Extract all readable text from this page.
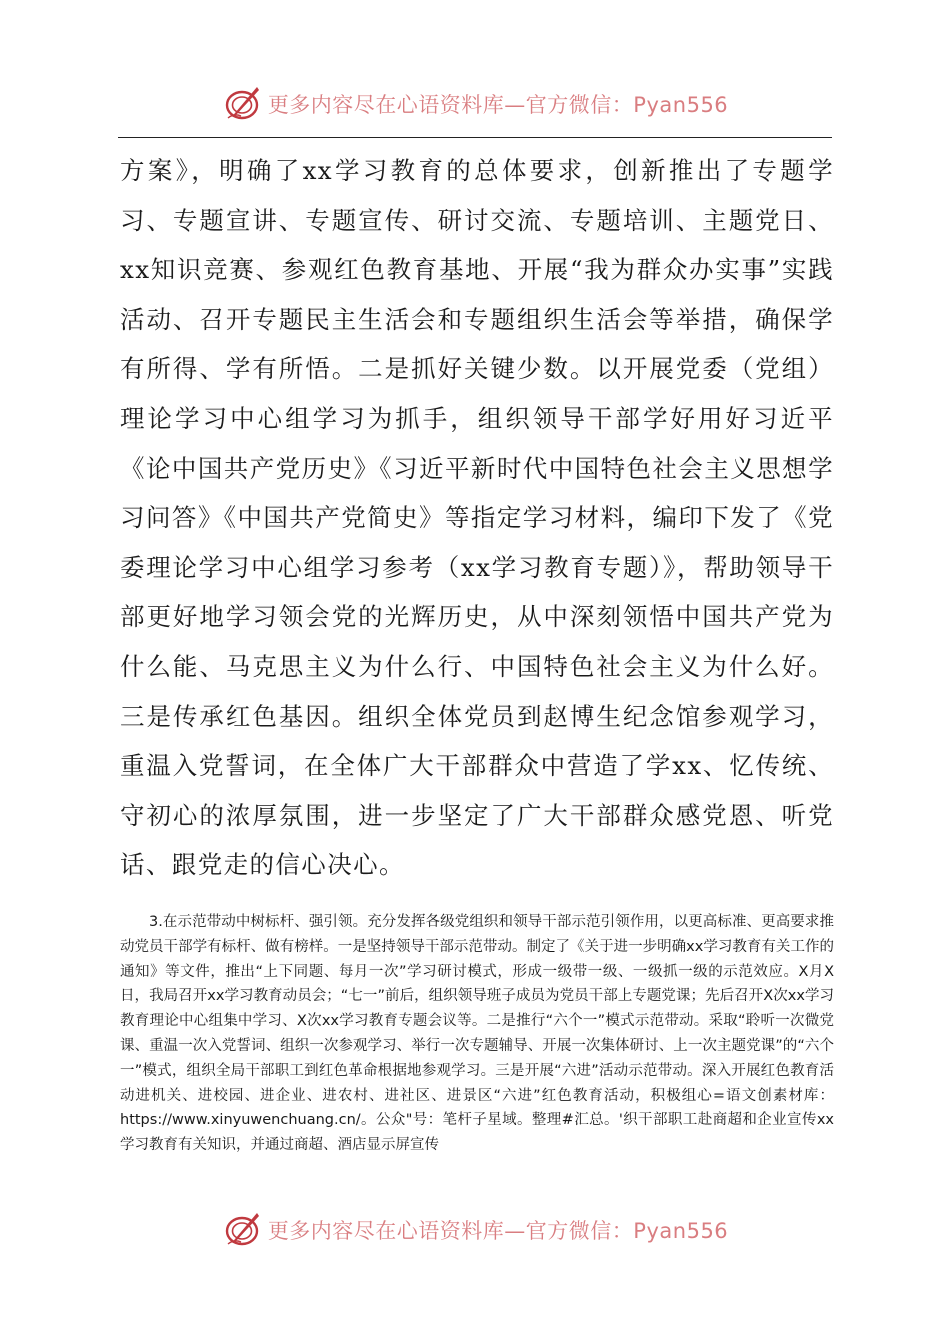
更多内容尽在心语资料库—官方微信：Pyan556

方案》，明确了xx学习教育的总体要求，创新推出了专题学习、专题宣讲、专题宣传、研讨交流、专题培训、主题党日、xx知识竞赛、参观红色教育基地、开展“我为群众办实事”实践活动、召开专题民主生活会和专题组织生活会等举措，确保学有所得、学有所悟。二是抓好关键少数。以开展党委（党组）理论学习中心组学习为抓手，组织领导干部学好用好习近平《论中国共产党历史》《习近平新时代中国特色社会主义思想学习问答》《中国共产党简史》等指定学习材料，编印下发了《党委理论学习中心组学习参考（xx学习教育专题）》，帮助领导干部更好地学习领会党的光辉历史，从中深刻领悟中国共产党为什么能、马克思主义为什么行、中国特色社会主义为什么好。三是传承红色基因。组织全体党员到赵博生纪念馆参观学习，重温入党誓词，在全体广大干部群众中营造了学xx、忆传统、守初心的浓厚氛围，进一步坚定了广大干部群众感党恩、听党话、跟党走的信心决心。

3.在示范带动中树标杆、强引领。充分发挥各级党组织和领导干部示范引领作用，以更高标准、更高要求推动党员干部学有标杆、做有榜样。一是坚持领导干部示范带动。制定了《关于进一步明确xx学习教育有关工作的通知》等文件，推出“上下同题、每月一次”学习研讨模式，形成一级带一级、一级抓一级的示范效应。X月X日，我局召开xx学习教育动员会；“七一”前后，组织领导班子成员为党员干部上专题党课；先后召开X次xx学习教育理论中心组集中学习、X次xx学习教育专题会议等。二是推行“六个一”模式示范带动。采取“聆听一次微党课、重温一次入党誓词、组织一次参观学习、举行一次专题辅导、开展一次集体研讨、上一次主题党课”的“六个一”模式，组织全局干部职工到红色革命根据地参观学习。三是开展“六进”活动示范带动。深入开展红色教育活动进机关、进校园、进企业、进农村、进社区、进景区“六进”红色教育活动，积极组心=语文创素材库：https://www.xinyuwenchuang.cn/。公众"号：笔杆子星域。整理#汇总。'织干部职工赴商超和企业宣传xx学习教育有关知识，并通过商超、酒店显示屏宣传

更多内容尽在心语资料库—官方微信：Pyan556
